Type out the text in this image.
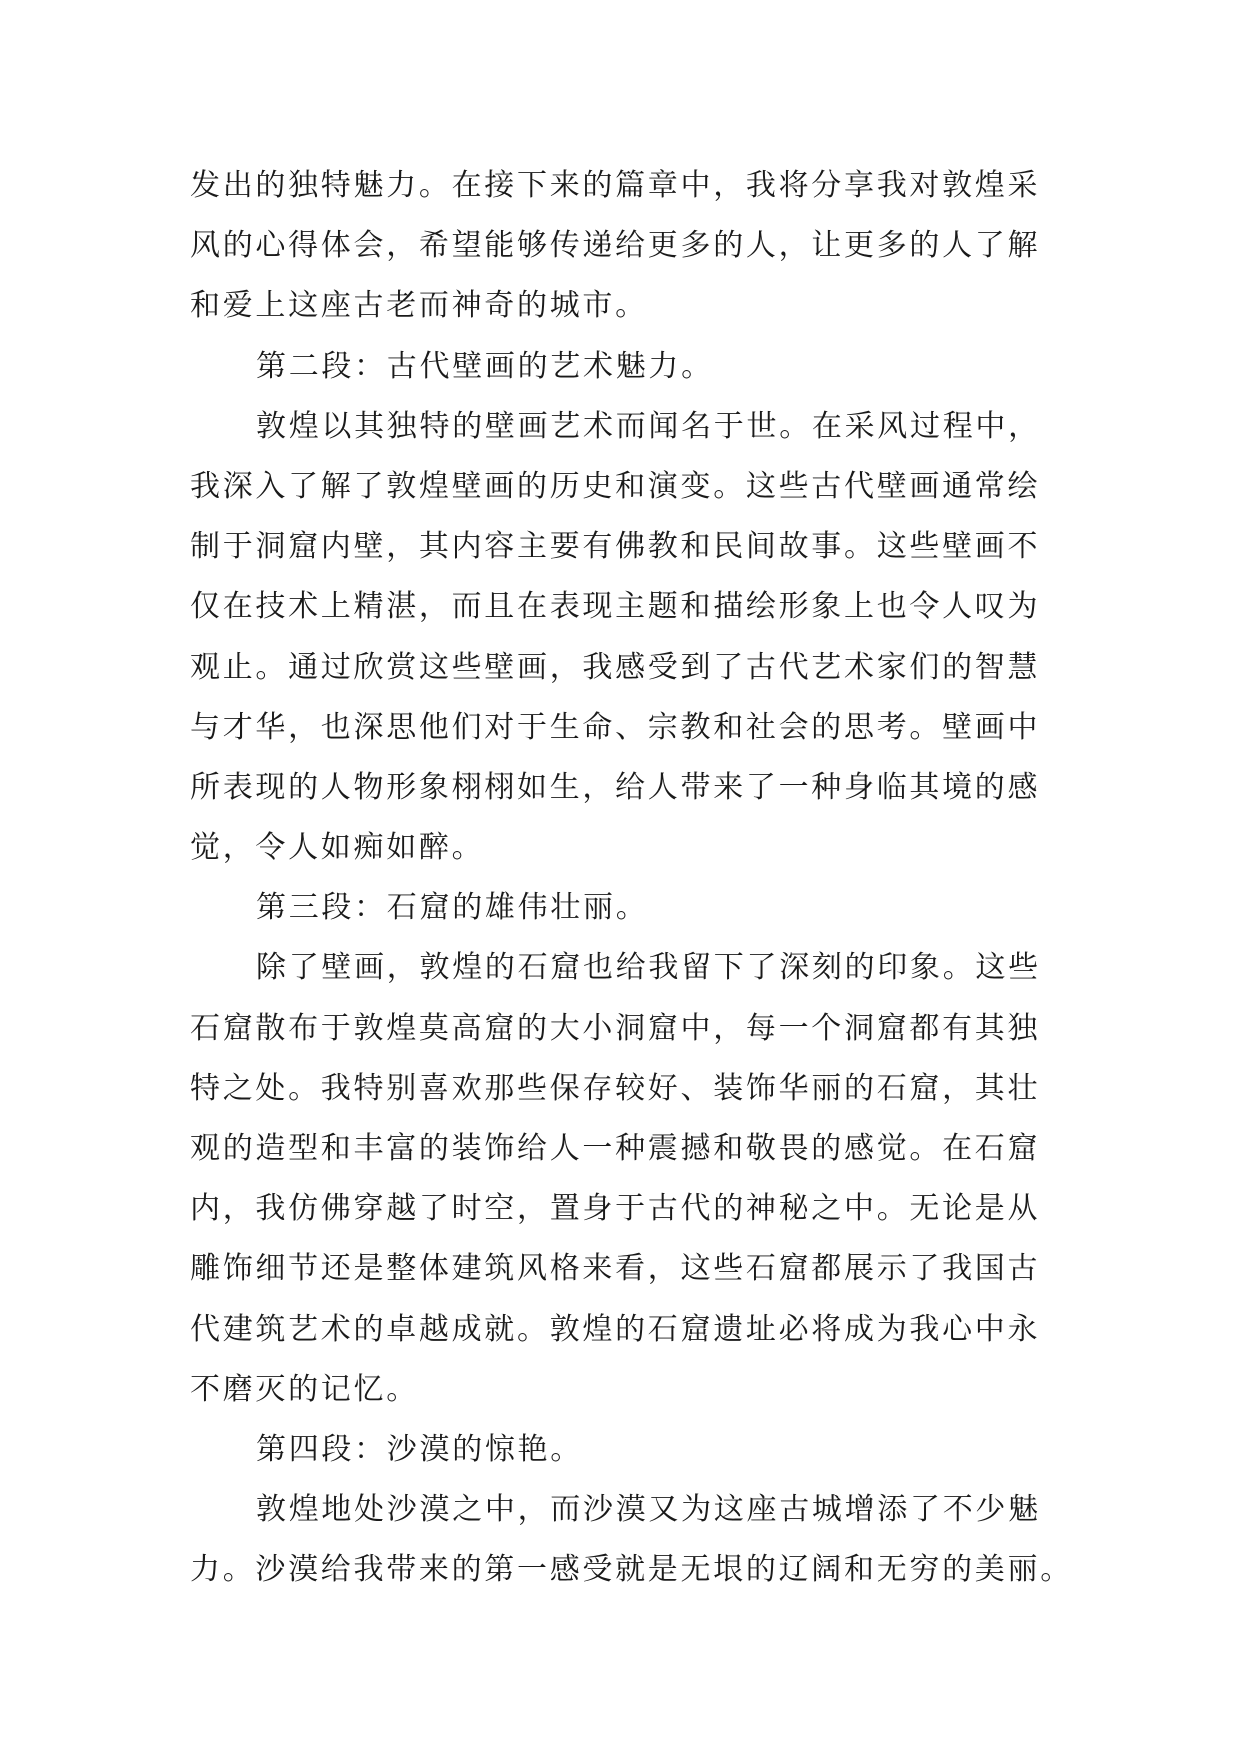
发出的独特魅力。在接下来的篇章中，我将分享我对敦煌采
风的心得体会，希望能够传递给更多的人，让更多的人了解
和爱上这座古老而神奇的城市。
第二段：古代壁画的艺术魅力。
敦煌以其独特的壁画艺术而闻名于世。在采风过程中，
我深入了解了敦煌壁画的历史和演变。这些古代壁画通常绘
制于洞窟内壁，其内容主要有佛教和民间故事。这些壁画不
仅在技术上精湛，而且在表现主题和描绘形象上也令人叹为
观止。通过欣赏这些壁画，我感受到了古代艺术家们的智慧
与才华，也深思他们对于生命、宗教和社会的思考。壁画中
所表现的人物形象栩栩如生，给人带来了一种身临其境的感
觉，令人如痴如醉。
第三段：石窟的雄伟壮丽。
除了壁画，敦煌的石窟也给我留下了深刻的印象。这些
石窟散布于敦煌莫高窟的大小洞窟中，每一个洞窟都有其独
特之处。我特别喜欢那些保存较好、装饰华丽的石窟，其壮
观的造型和丰富的装饰给人一种震撼和敬畏的感觉。在石窟
内，我仿佛穿越了时空，置身于古代的神秘之中。无论是从
雕饰细节还是整体建筑风格来看，这些石窟都展示了我国古
代建筑艺术的卓越成就。敦煌的石窟遗址必将成为我心中永
不磨灭的记忆。
第四段：沙漠的惊艳。
敦煌地处沙漠之中，而沙漠又为这座古城增添了不少魅
力。沙漠给我带来的第一感受就是无垠的辽阔和无穷的美丽。
